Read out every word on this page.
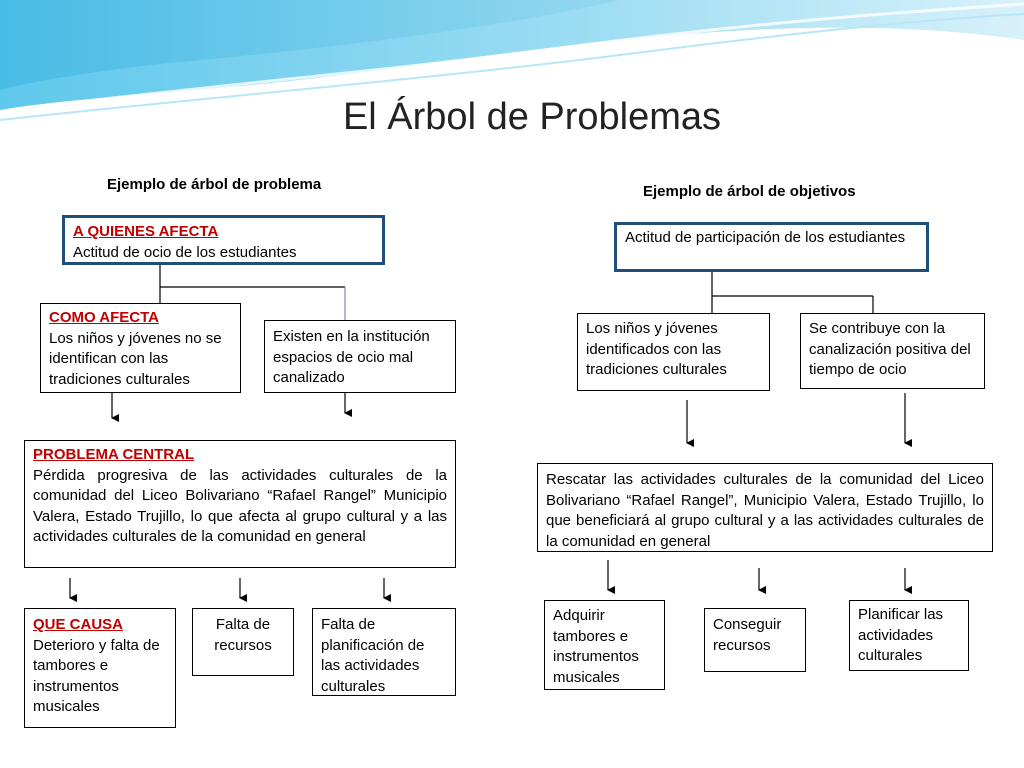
El Árbol de Problemas
Ejemplo de árbol de problema	Ejemplo de árbol de objetivos
A QUIENES AFECTA
Actitud de ocio de los estudiantes
COMO AFECTA
Los niños y jóvenes no se identifican con las tradiciones culturales
Existen en la institución espacios de ocio mal canalizado
PROBLEMA CENTRAL
Pérdida progresiva de las actividades culturales de la comunidad del Liceo Bolivariano “Rafael Rangel” Municipio Valera, Estado Trujillo, lo que afecta al grupo cultural y a las actividades culturales de la comunidad en general
QUE CAUSA
Deterioro y falta de tambores e instrumentos musicales
Falta de recursos
Falta de planificación de las actividades culturales
Actitud de participación de los estudiantes
Los niños y jóvenes identificados con las tradiciones culturales
Se contribuye con la canalización positiva del tiempo de ocio
Rescatar las actividades culturales de la comunidad del Liceo Bolivariano “Rafael Rangel”, Municipio Valera, Estado Trujillo, lo que beneficiará al grupo cultural y a las actividades culturales de la comunidad en general
Adquirir tambores e instrumentos musicales
Conseguir recursos
Planificar las actividades culturales
